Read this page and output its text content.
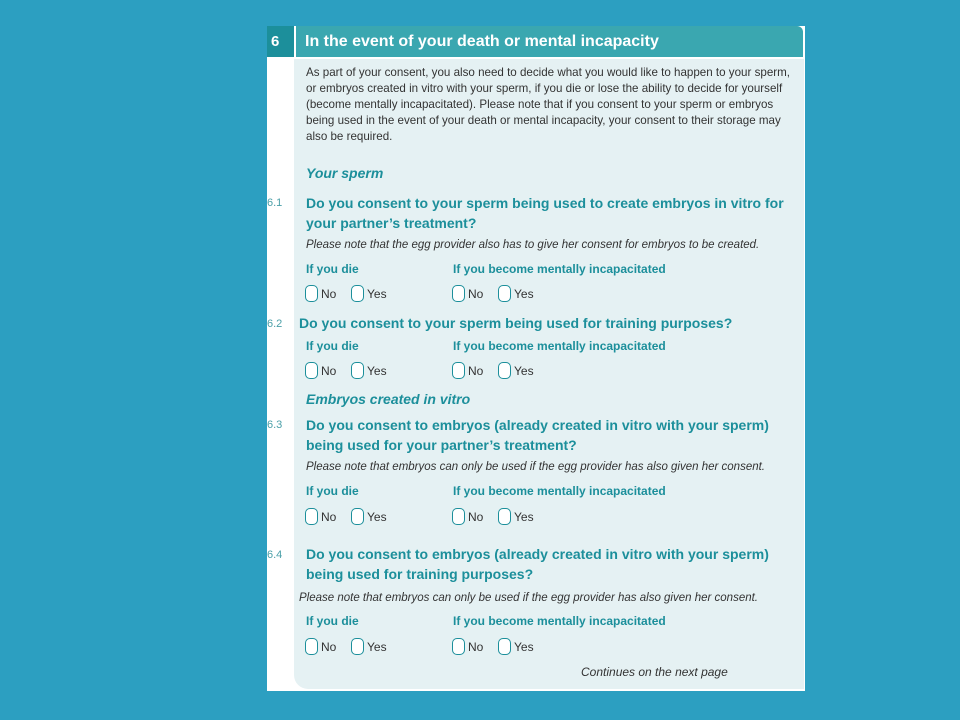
6	In the event of your death or mental incapacity
As part of your consent, you also need to decide what you would like to happen to your sperm, or embryos created in vitro with your sperm, if you die or lose the ability to decide for yourself (become mentally incapacitated). Please note that if you consent to your sperm or embryos being used in the event of your death or mental incapacity, your consent to their storage may also be required.
Your sperm
6.1 Do you consent to your sperm being used to create embryos in vitro for your partner’s treatment?
Please note that the egg provider also has to give her consent for embryos to be created.
If you die	If you become mentally incapacitated
No	Yes	No	Yes
6.2 Do you consent to your sperm being used for training purposes?
If you die	If you become mentally incapacitated
No	Yes	No	Yes
Embryos created in vitro
6.3 Do you consent to embryos (already created in vitro with your sperm) being used for your partner’s treatment?
Please note that embryos can only be used if the egg provider has also given her consent.
If you die	If you become mentally incapacitated
No	Yes	No	Yes
6.4 Do you consent to embryos (already created in vitro with your sperm) being used for training purposes?
Please note that embryos can only be used if the egg provider has also given her consent.
If you die	If you become mentally incapacitated
No	Yes	No	Yes
Continues on the next page
